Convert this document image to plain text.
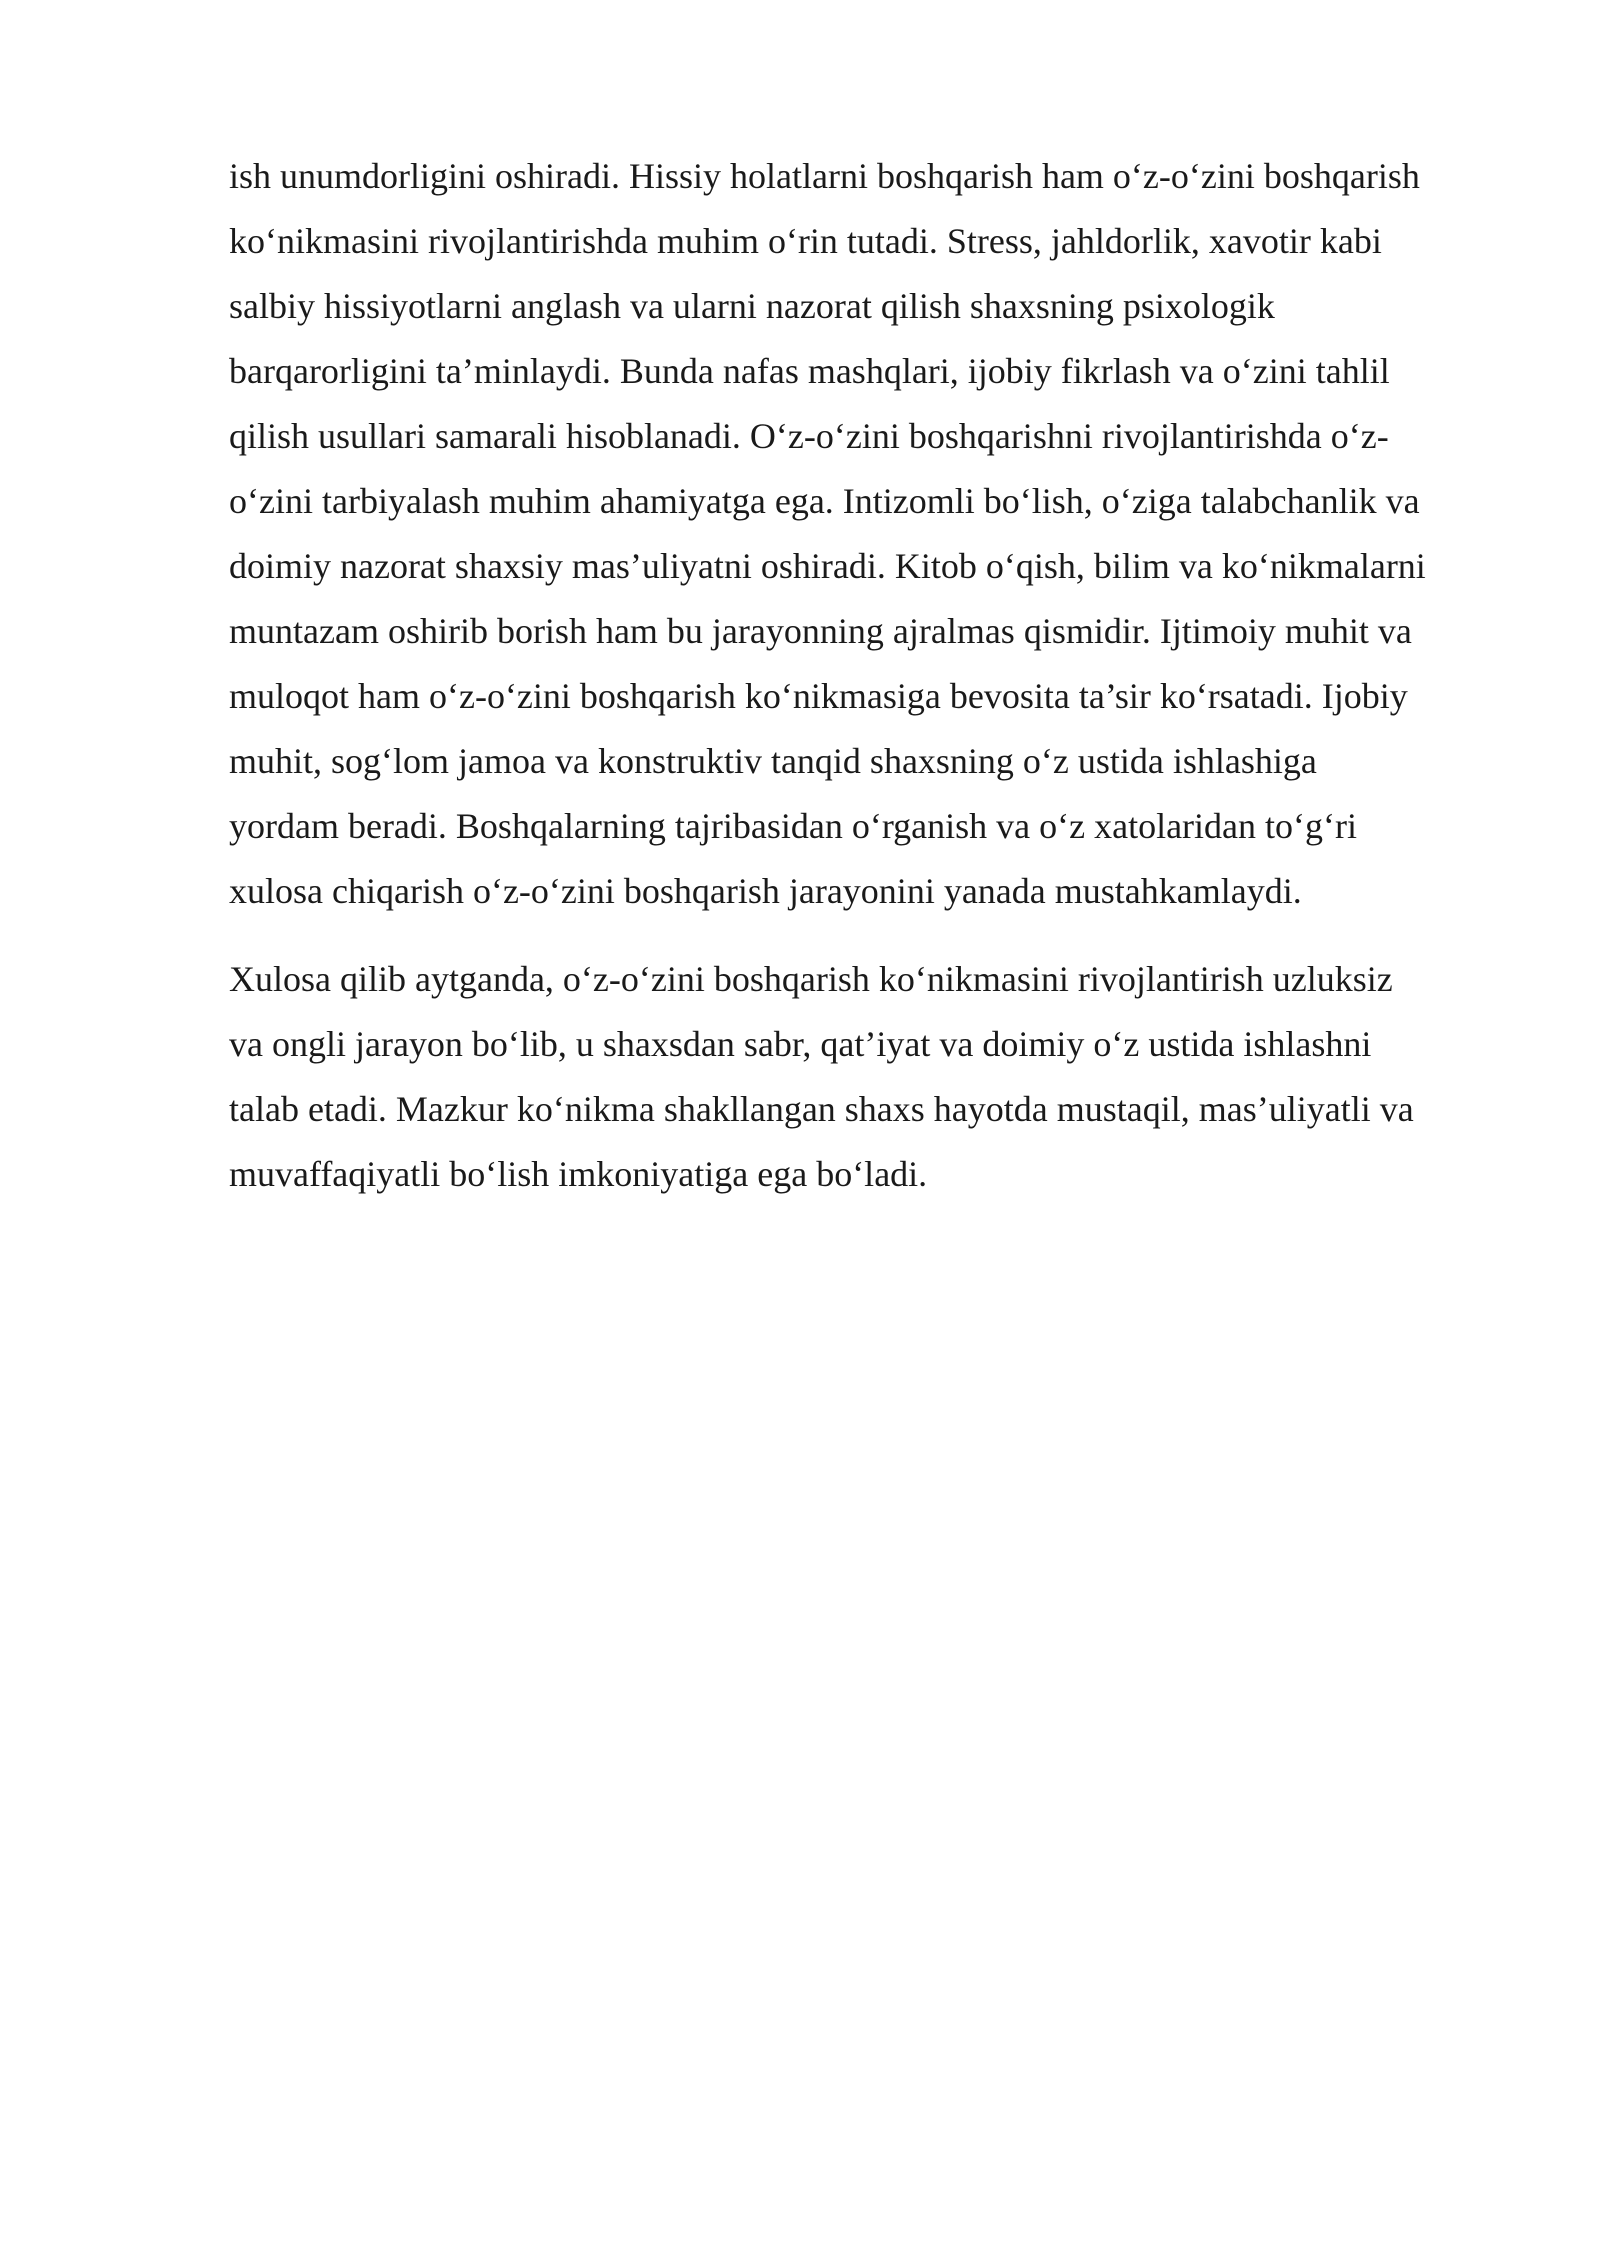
ish unumdorligini oshiradi. Hissiy holatlarni boshqarish ham o‘z-o‘zini boshqarish
ko‘nikmasini rivojlantirishda muhim o‘rin tutadi. Stress, jahldorlik, xavotir kabi
salbiy hissiyotlarni anglash va ularni nazorat qilish shaxsning psixologik
barqarorligini ta’minlaydi. Bunda nafas mashqlari, ijobiy fikrlash va o‘zini tahlil
qilish usullari samarali hisoblanadi. O‘z-o‘zini boshqarishni rivojlantirishda o‘z-
o‘zini tarbiyalash muhim ahamiyatga ega. Intizomli bo‘lish, o‘ziga talabchanlik va
doimiy nazorat shaxsiy mas’uliyatni oshiradi. Kitob o‘qish, bilim va ko‘nikmalarni
muntazam oshirib borish ham bu jarayonning ajralmas qismidir. Ijtimoiy muhit va
muloqot ham o‘z-o‘zini boshqarish ko‘nikmasiga bevosita ta’sir ko‘rsatadi. Ijobiy
muhit, sog‘lom jamoa va konstruktiv tanqid shaxsning o‘z ustida ishlashiga
yordam beradi. Boshqalarning tajribasidan o‘rganish va o‘z xatolaridan to‘g‘ri
xulosa chiqarish o‘z-o‘zini boshqarish jarayonini yanada mustahkamlaydi.
Xulosa qilib aytganda, o‘z-o‘zini boshqarish ko‘nikmasini rivojlantirish uzluksiz
va ongli jarayon bo‘lib, u shaxsdan sabr, qat’iyat va doimiy o‘z ustida ishlashni
talab etadi. Mazkur ko‘nikma shakllangan shaxs hayotda mustaqil, mas’uliyatli va
muvaffaqiyatli bo‘lish imkoniyatiga ega bo‘ladi.
